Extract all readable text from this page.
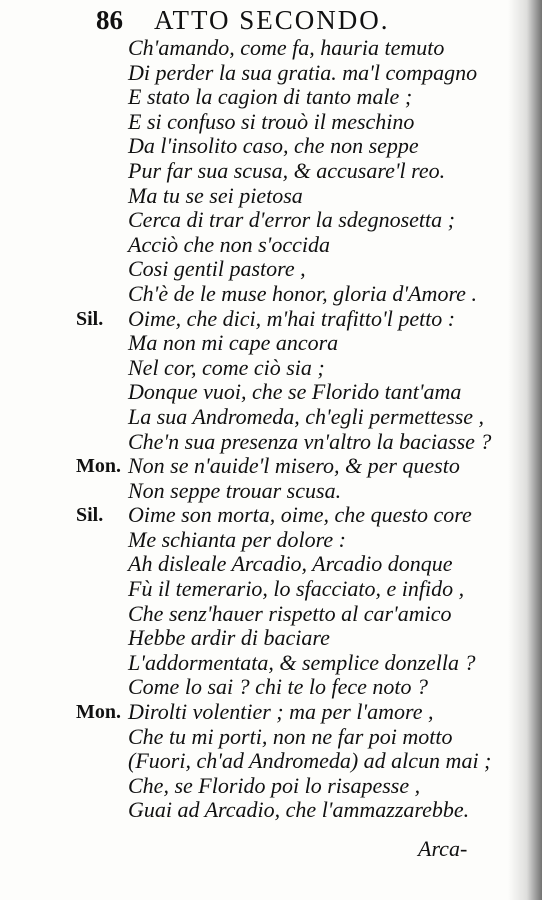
86	ATTO SECONDO.
Ch'amando, come fa, hauria temuto
Di perder la sua gratia. ma'l compagno
E stato la cagion di tanto male ;
E si confuso si trouò il meschino
Da l'insolito caso, che non seppe
Pur far sua scusa, & accusare'l reo.
Ma tu se sei pietosa
Cerca di trar d'error la sdegnosetta ;
Acciò che non s'occida
Cosi gentil pastore ,
Ch'è de le muse honor, gloria d'Amore .
Sil.	Oime, che dici, m'hai trafitto'l petto :
Ma non mi cape ancora
Nel cor, come ciò sia ;
Donque vuoi, che se Florido tant'ama
La sua Andromeda, ch'egli permettesse ,
Che'n sua presenza vn'altro la baciasse ?
Mon. Non se n'auide'l misero, & per questo
Non seppe trouar scusa.
Sil.	Oime son morta, oime, che questo core
Me schianta per dolore :
Ah disleale Arcadio, Arcadio donque
Fù il temerario, lo sfacciato, e infido ,
Che senz'hauer rispetto al car'amico
Hebbe ardir di baciare
L'addormentata, & semplice donzella ?
Come lo sai ? chi te lo fece noto ?
Mon. Dirolti volentier ; ma per l'amore ,
Che tu mi porti, non ne far poi motto
(Fuori, ch'ad Andromeda) ad alcun mai ;
Che, se Florido poi lo risapesse ,
Guai ad Arcadio, che l'ammazzarebbe.
Arca-
